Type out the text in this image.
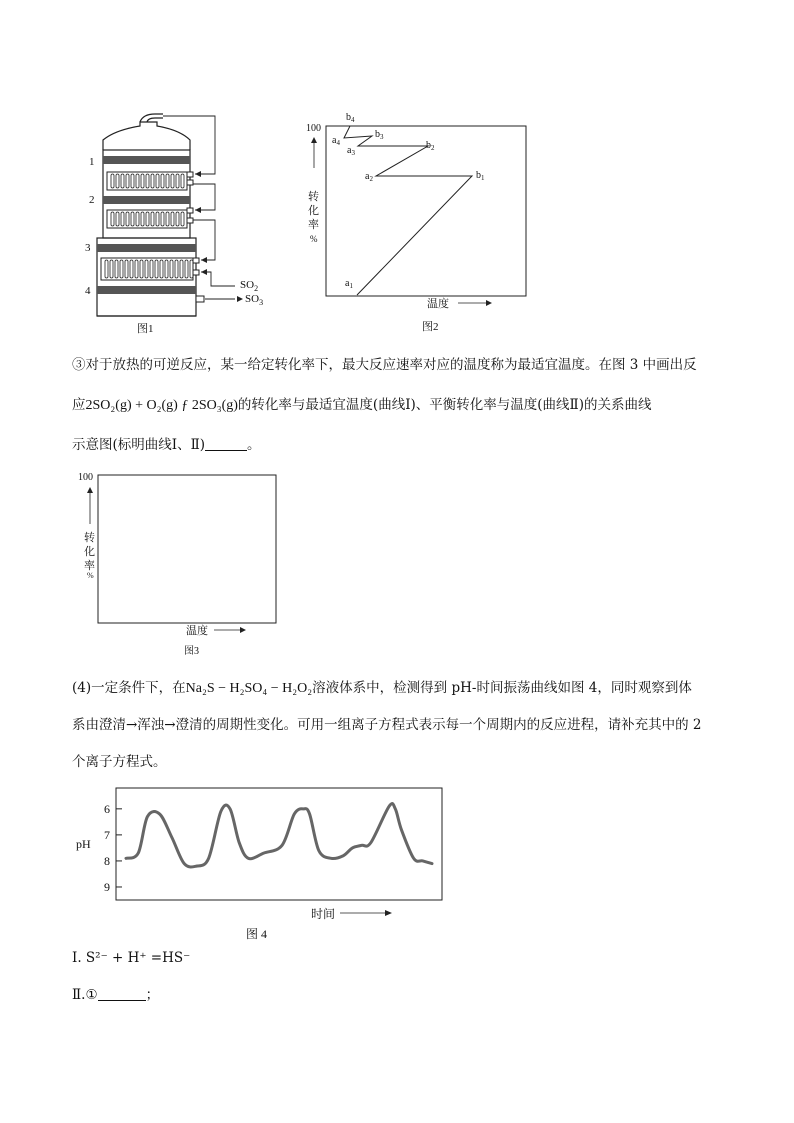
1
2
3
4	$SO_2$
$SO_3$
图1
100
转
化
率
%
$a_1$
$b_1$
$a_2$
$b_2$
$a_3$
$b_3$
$a_4$
$b_4$
温度
图2
③对于放热的可逆反应，某一给定转化率下，最大反应速率对应的温度称为最适宜温度。在图 3 中画出反
应2SO₂(g) + O₂(g) ƒ 2SO₃(g)的转化率与最适宜温度(曲线Ⅰ)、平衡转化率与温度(曲线Ⅱ)的关系曲线
示意图(标明曲线Ⅰ、Ⅱ)	。
100
转
化
率
%
温度
图3
(4)一定条件下，在Na₂S − H₂SO₄ − H₂O₂溶液体系中，检测得到 pH-时间振荡曲线如图 4，同时观察到体
系由澄清→浑浊→澄清的周期性变化。可用一组离子方程式表示每一个周期内的反应进程，请补充其中的 2
个离子方程式。
6
7
8
9
pH
时间
图 4
Ⅰ. S²⁻ + H⁺ =HS⁻
Ⅱ.①	；
